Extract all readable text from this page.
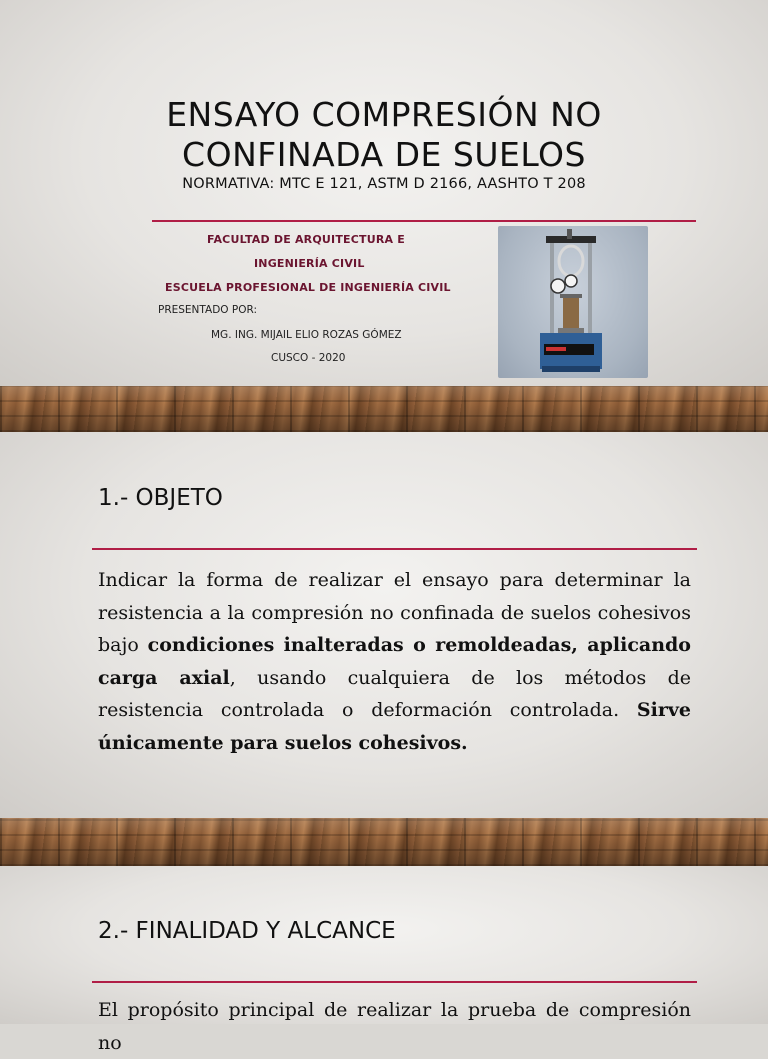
ENSAYO COMPRESIÓN NO
CONFINADA DE SUELOS
NORMATIVA: MTC E 121, ASTM D 2166, AASHTO T 208
FACULTAD DE ARQUITECTURA E
INGENIERÍA CIVIL
ESCUELA PROFESIONAL DE INGENIERÍA CIVIL
PRESENTADO POR:
MG. ING. MIJAIL ELIO ROZAS GÓMEZ
CUSCO - 2020
1.- OBJETO
Indicar la forma de realizar el ensayo para determinar la resistencia a la compresión no confinada de suelos cohesivos bajo condiciones inalteradas o remoldeadas, aplicando carga axial, usando cualquiera de los métodos de resistencia controlada o deformación controlada. Sirve únicamente para suelos cohesivos.
2.- FINALIDAD Y ALCANCE
El propósito principal de realizar la prueba de compresión no
